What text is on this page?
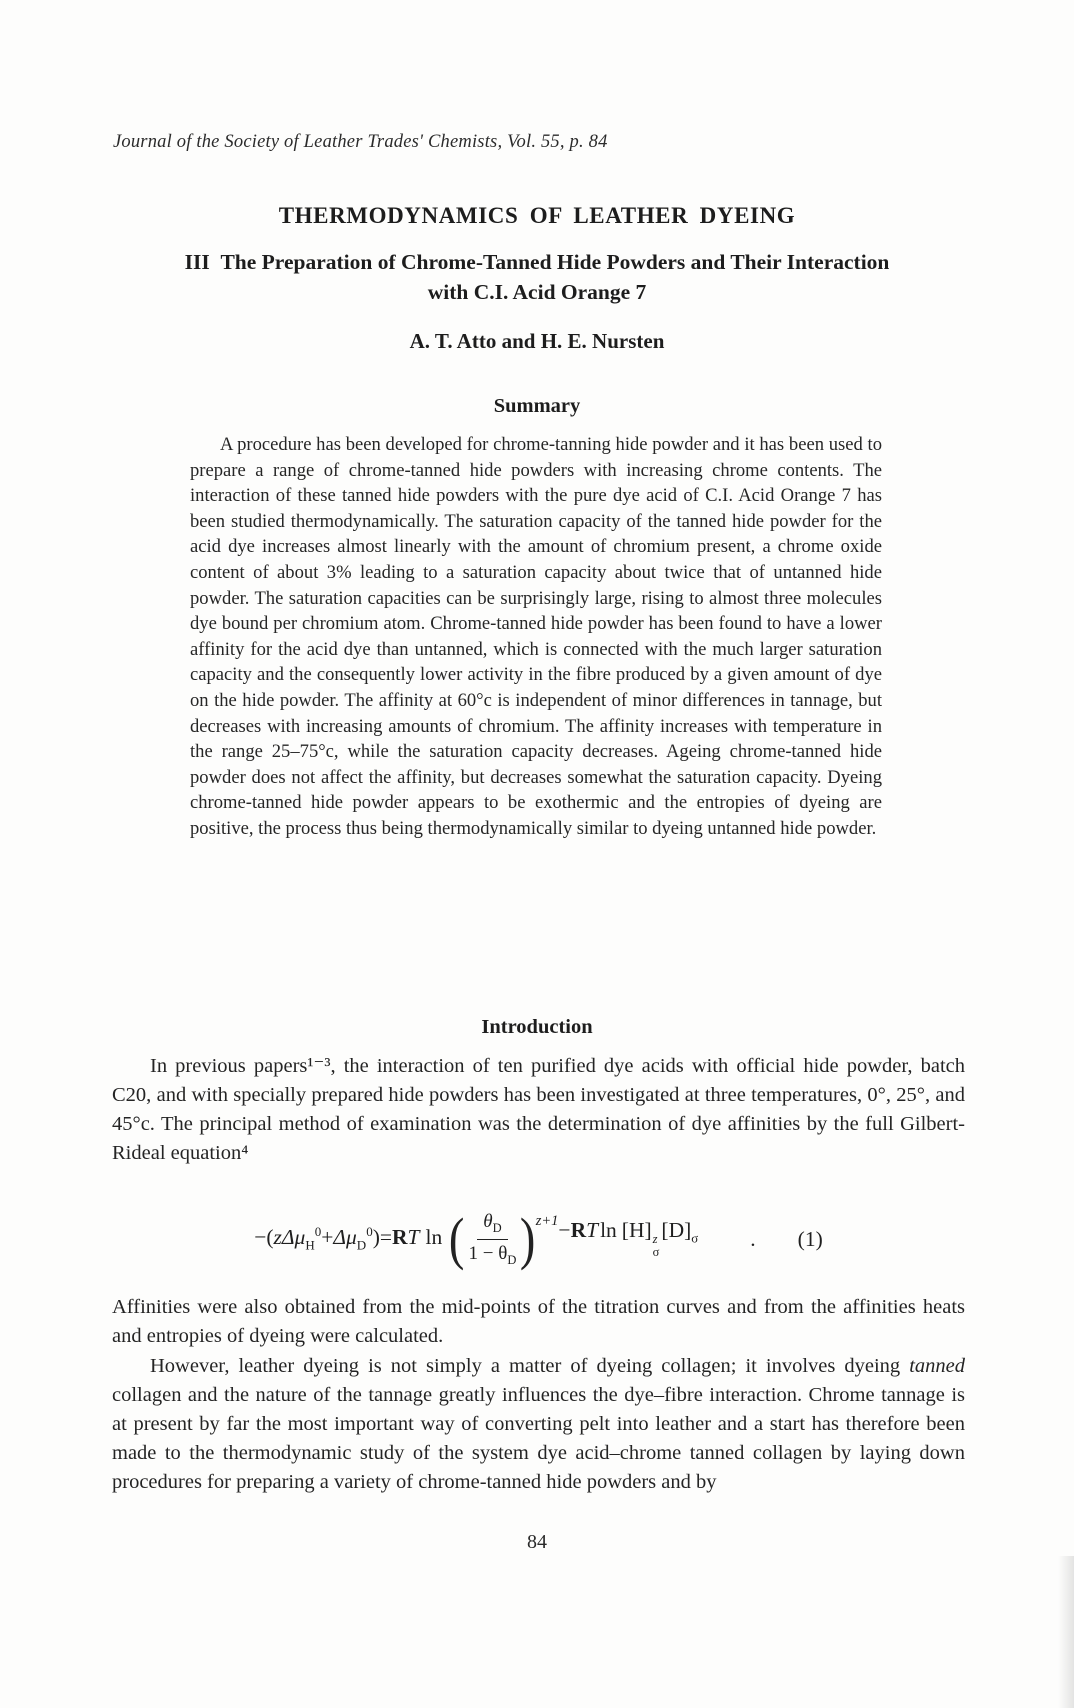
Journal of the Society of Leather Trades' Chemists, Vol. 55, p. 84
THERMODYNAMICS OF LEATHER DYEING
III The Preparation of Chrome-Tanned Hide Powders and Their Interaction with C.I. Acid Orange 7
A. T. Atto and H. E. Nursten
Summary
A procedure has been developed for chrome-tanning hide powder and it has been used to prepare a range of chrome-tanned hide powders with increasing chrome contents. The interaction of these tanned hide powders with the pure dye acid of C.I. Acid Orange 7 has been studied thermodynamically. The saturation capacity of the tanned hide powder for the acid dye increases almost linearly with the amount of chromium present, a chrome oxide content of about 3% leading to a saturation capacity about twice that of untanned hide powder. The saturation capacities can be surprisingly large, rising to almost three molecules dye bound per chromium atom. Chrome-tanned hide powder has been found to have a lower affinity for the acid dye than untanned, which is connected with the much larger saturation capacity and the consequently lower activity in the fibre produced by a given amount of dye on the hide powder. The affinity at 60°c is independent of minor differences in tannage, but decreases with increasing amounts of chromium. The affinity increases with temperature in the range 25–75°c, while the saturation capacity decreases. Ageing chrome-tanned hide powder does not affect the affinity, but decreases somewhat the saturation capacity. Dyeing chrome-tanned hide powder appears to be exothermic and the entropies of dyeing are positive, the process thus being thermodynamically similar to dyeing untanned hide powder.
Introduction
In previous papers¹⁻³, the interaction of ten purified dye acids with official hide powder, batch C20, and with specially prepared hide powders has been investigated at three temperatures, 0°, 25°, and 45°c. The principal method of examination was the determination of dye affinities by the full Gilbert-Rideal equation⁴
$-(z\Delta\mu_H^0+\Delta\mu_D^0)=RT$ ln ( $\frac{\theta_D}{1 - \theta_D}$ ) z+1 −RTln [H] z
σ
$[D]_\sigma$ . (1)
Affinities were also obtained from the mid-points of the titration curves and from the affinities heats and entropies of dyeing were calculated.
However, leather dyeing is not simply a matter of dyeing collagen; it involves dyeing tanned collagen and the nature of the tannage greatly influences the dye–fibre interaction. Chrome tannage is at present by far the most important way of converting pelt into leather and a start has therefore been made to the thermodynamic study of the system dye acid–chrome tanned collagen by laying down procedures for preparing a variety of chrome-tanned hide powders and by
84
